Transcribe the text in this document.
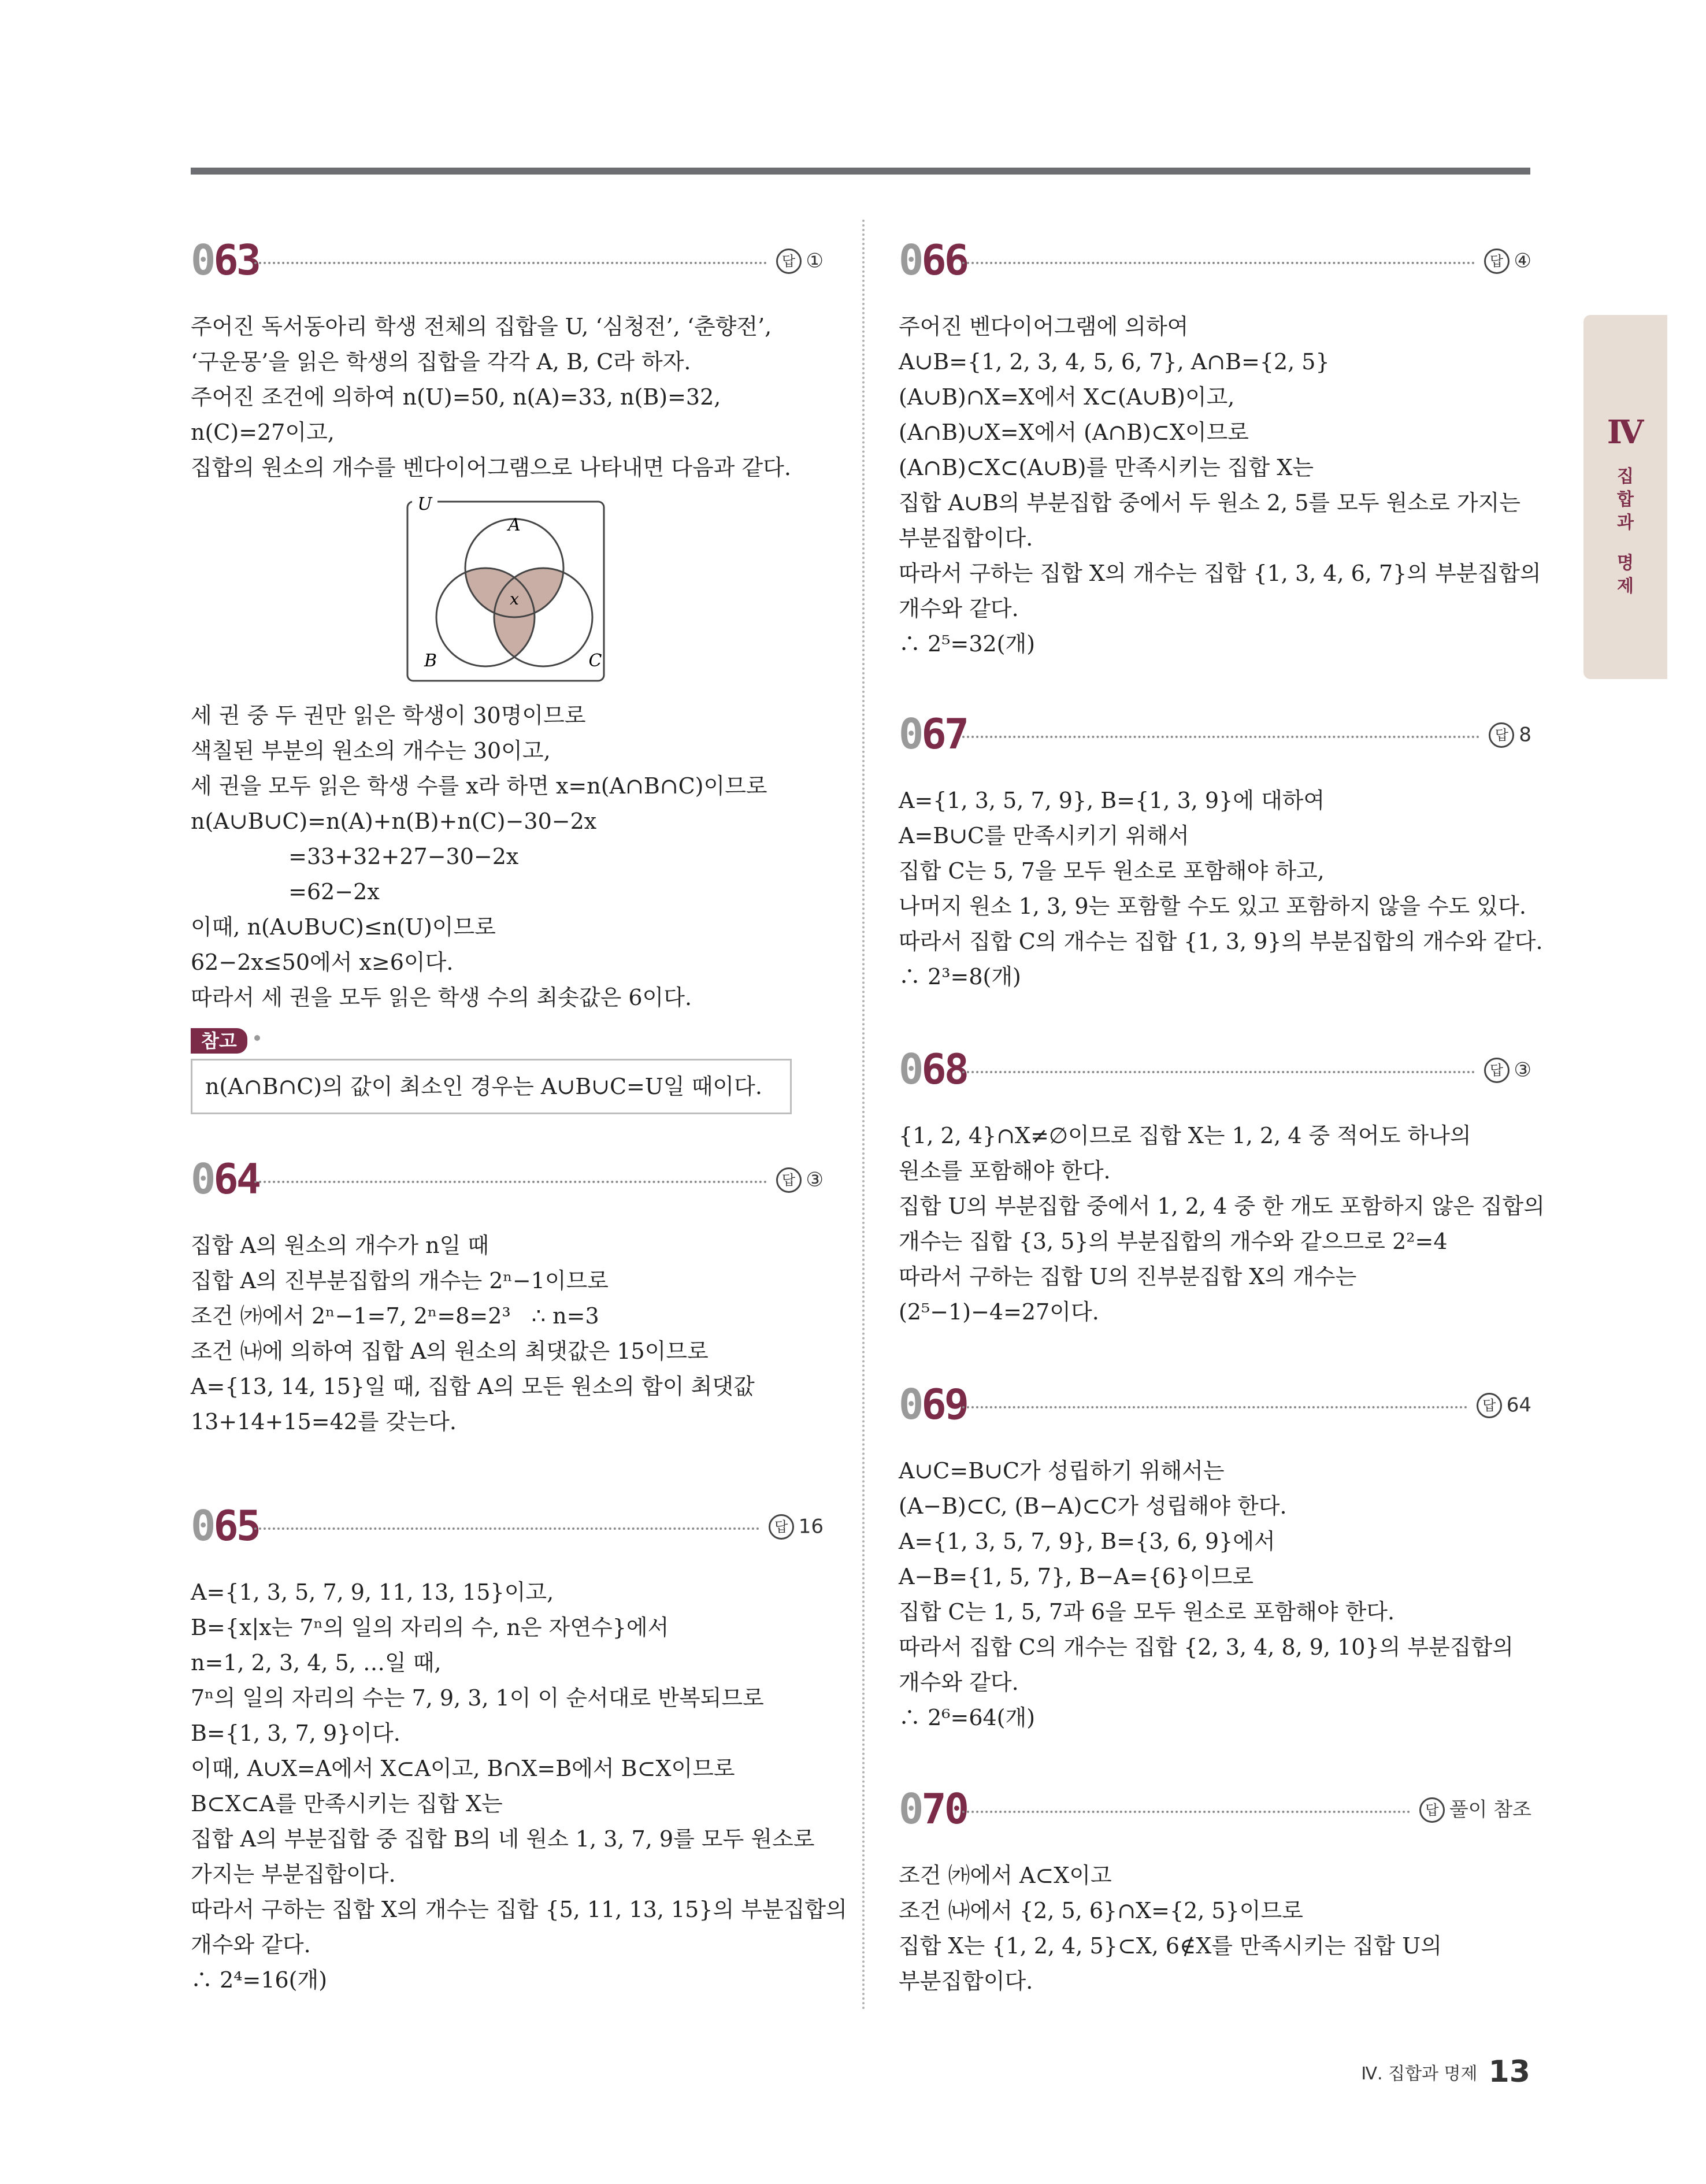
063	답 ①
주어진 독서동아리 학생 전체의 집합을 U, ‘심청전’, ‘춘향전’,
‘구운몽’을 읽은 학생의 집합을 각각 A, B, C라 하자.
주어진 조건에 의하여 n(U)=50, n(A)=33, n(B)=32,
n(C)=27이고,
집합의 원소의 개수를 벤다이어그램으로 나타내면 다음과 같다.
U
A
B	C
x
세 권 중 두 권만 읽은 학생이 30명이므로
색칠된 부분의 원소의 개수는 30이고,
세 권을 모두 읽은 학생 수를 x라 하면 x=n(A∩B∩C)이므로
n(A∪B∪C)=n(A)+n(B)+n(C)−30−2x
=33+32+27−30−2x
=62−2x
이때, n(A∪B∪C)≤n(U)이므로
62−2x≤50에서 x≥6이다.
따라서 세 권을 모두 읽은 학생 수의 최솟값은 6이다.
참고
n(A∩B∩C)의 값이 최소인 경우는 A∪B∪C=U일 때이다.
064	답 ③
집합 A의 원소의 개수가 n일 때
집합 A의 진부분집합의 개수는 2ⁿ−1이므로
조건 ㈎에서 2ⁿ−1=7, 2ⁿ=8=2³   ∴ n=3
조건 ㈏에 의하여 집합 A의 원소의 최댓값은 15이므로
A={13, 14, 15}일 때, 집합 A의 모든 원소의 합이 최댓값
13+14+15=42를 갖는다.
065	답 16
A={1, 3, 5, 7, 9, 11, 13, 15}이고,
B={x|x는 7ⁿ의 일의 자리의 수, n은 자연수}에서
n=1, 2, 3, 4, 5, …일 때,
7ⁿ의 일의 자리의 수는 7, 9, 3, 1이 이 순서대로 반복되므로
B={1, 3, 7, 9}이다.
이때, A∪X=A에서 X⊂A이고, B∩X=B에서 B⊂X이므로
B⊂X⊂A를 만족시키는 집합 X는
집합 A의 부분집합 중 집합 B의 네 원소 1, 3, 7, 9를 모두 원소로
가지는 부분집합이다.
따라서 구하는 집합 X의 개수는 집합 {5, 11, 13, 15}의 부분집합의
개수와 같다.
∴ 2⁴=16(개)
066	답 ④
주어진 벤다이어그램에 의하여
A∪B={1, 2, 3, 4, 5, 6, 7}, A∩B={2, 5}
(A∪B)∩X=X에서 X⊂(A∪B)이고,
(A∩B)∪X=X에서 (A∩B)⊂X이므로
(A∩B)⊂X⊂(A∪B)를 만족시키는 집합 X는
집합 A∪B의 부분집합 중에서 두 원소 2, 5를 모두 원소로 가지는
부분집합이다.
따라서 구하는 집합 X의 개수는 집합 {1, 3, 4, 6, 7}의 부분집합의
개수와 같다.
∴ 2⁵=32(개)
067	답 8
A={1, 3, 5, 7, 9}, B={1, 3, 9}에 대하여
A=B∪C를 만족시키기 위해서
집합 C는 5, 7을 모두 원소로 포함해야 하고,
나머지 원소 1, 3, 9는 포함할 수도 있고 포함하지 않을 수도 있다.
따라서 집합 C의 개수는 집합 {1, 3, 9}의 부분집합의 개수와 같다.
∴ 2³=8(개)
068	답 ③
{1, 2, 4}∩X≠∅이므로 집합 X는 1, 2, 4 중 적어도 하나의
원소를 포함해야 한다.
집합 U의 부분집합 중에서 1, 2, 4 중 한 개도 포함하지 않은 집합의
개수는 집합 {3, 5}의 부분집합의 개수와 같으므로 2²=4
따라서 구하는 집합 U의 진부분집합 X의 개수는
(2⁵−1)−4=27이다.
069	답 64
A∪C=B∪C가 성립하기 위해서는
(A−B)⊂C, (B−A)⊂C가 성립해야 한다.
A={1, 3, 5, 7, 9}, B={3, 6, 9}에서
A−B={1, 5, 7}, B−A={6}이므로
집합 C는 1, 5, 7과 6을 모두 원소로 포함해야 한다.
따라서 집합 C의 개수는 집합 {2, 3, 4, 8, 9, 10}의 부분집합의
개수와 같다.
∴ 2⁶=64(개)
070	답 풀이 참조
조건 ㈎에서 A⊂X이고
조건 ㈏에서 {2, 5, 6}∩X={2, 5}이므로
집합 X는 {1, 2, 4, 5}⊂X, 6∉X를 만족시키는 집합 U의
부분집합이다.
Ⅳ
집
합
과
명
제
Ⅳ. 집합과 명제 13
